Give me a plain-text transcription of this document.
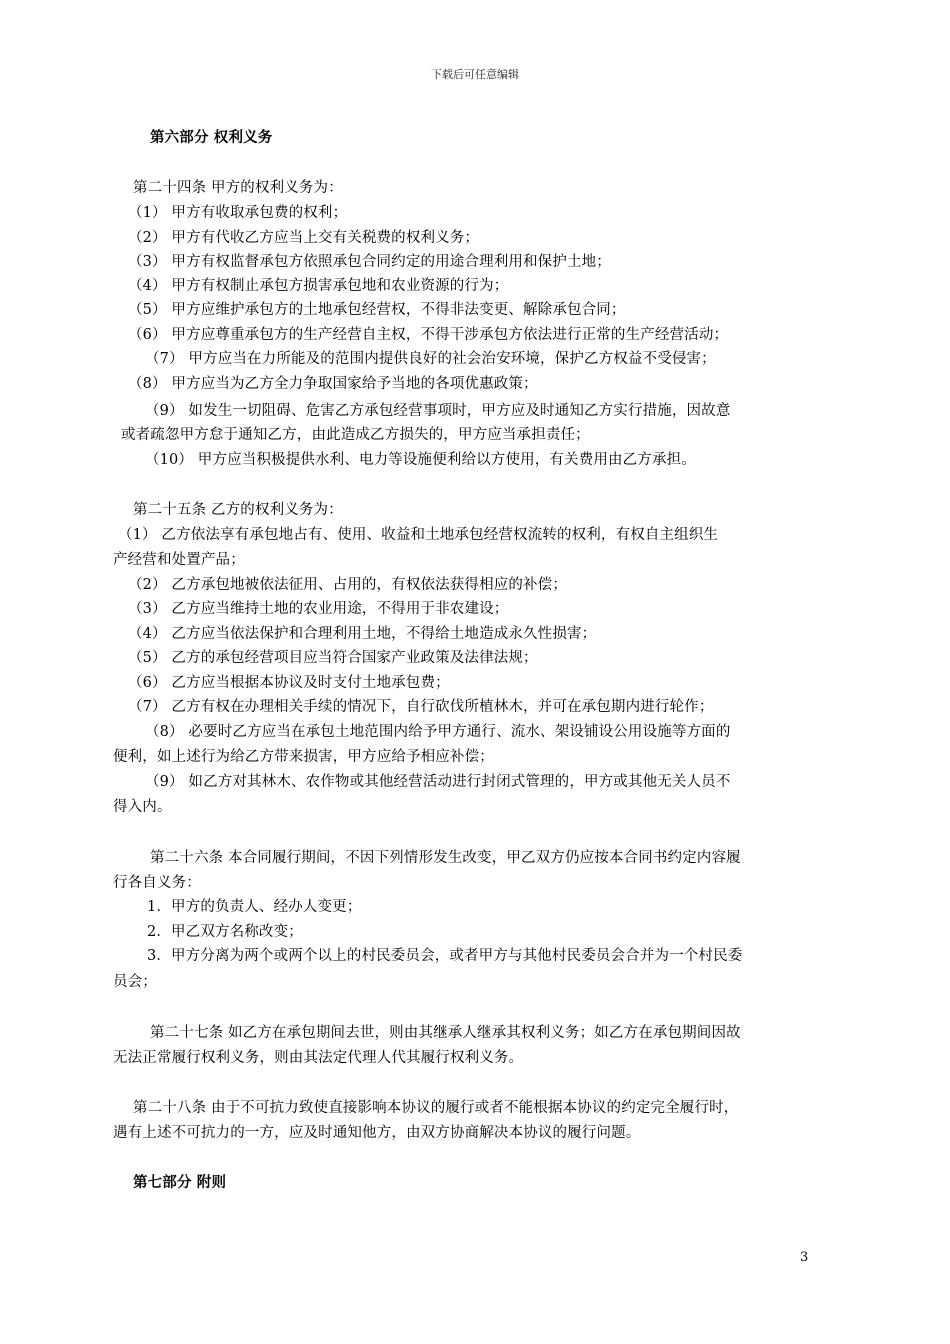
下载后可任意编辑
第六部分 权利义务
第二十四条 甲方的权利义务为：
（1） 甲方有收取承包费的权利；
（2） 甲方有代收乙方应当上交有关税费的权利义务；
（3） 甲方有权监督承包方依照承包合同约定的用途合理利用和保护土地；
（4） 甲方有权制止承包方损害承包地和农业资源的行为；
（5） 甲方应维护承包方的土地承包经营权，不得非法变更、解除承包合同；
（6） 甲方应尊重承包方的生产经营自主权，不得干涉承包方依法进行正常的生产经营活动；
（7） 甲方应当在力所能及的范围内提供良好的社会治安环境，保护乙方权益不受侵害；
（8） 甲方应当为乙方全力争取国家给予当地的各项优惠政策；
（9） 如发生一切阻碍、危害乙方承包经营事项时，甲方应及时通知乙方实行措施，因故意
或者疏忽甲方怠于通知乙方，由此造成乙方损失的，甲方应当承担责任；
（10） 甲方应当积极提供水利、电力等设施便利给以方使用，有关费用由乙方承担。
第二十五条 乙方的权利义务为：
（1） 乙方依法享有承包地占有、使用、收益和土地承包经营权流转的权利，有权自主组织生
产经营和处置产品；
（2） 乙方承包地被依法征用、占用的，有权依法获得相应的补偿；
（3） 乙方应当维持土地的农业用途，不得用于非农建设；
（4） 乙方应当依法保护和合理利用土地，不得给土地造成永久性损害；
（5） 乙方的承包经营项目应当符合国家产业政策及法律法规；
（6） 乙方应当根据本协议及时支付土地承包费；
（7） 乙方有权在办理相关手续的情况下，自行砍伐所植林木，并可在承包期内进行轮作；
（8） 必要时乙方应当在承包土地范围内给予甲方通行、流水、架设铺设公用设施等方面的
便利，如上述行为给乙方带来损害，甲方应给予相应补偿；
（9） 如乙方对其林木、农作物或其他经营活动进行封闭式管理的，甲方或其他无关人员不
得入内。
第二十六条 本合同履行期间，不因下列情形发生改变，甲乙双方仍应按本合同书约定内容履
行各自义务：
1．甲方的负责人、经办人变更；
2．甲乙双方名称改变；
3．甲方分离为两个或两个以上的村民委员会，或者甲方与其他村民委员会合并为一个村民委
员会；
第二十七条 如乙方在承包期间去世，则由其继承人继承其权利义务；如乙方在承包期间因故
无法正常履行权利义务，则由其法定代理人代其履行权利义务。
第二十八条 由于不可抗力致使直接影响本协议的履行或者不能根据本协议的约定完全履行时，
遇有上述不可抗力的一方，应及时通知他方，由双方协商解决本协议的履行问题。
第七部分 附则
3
